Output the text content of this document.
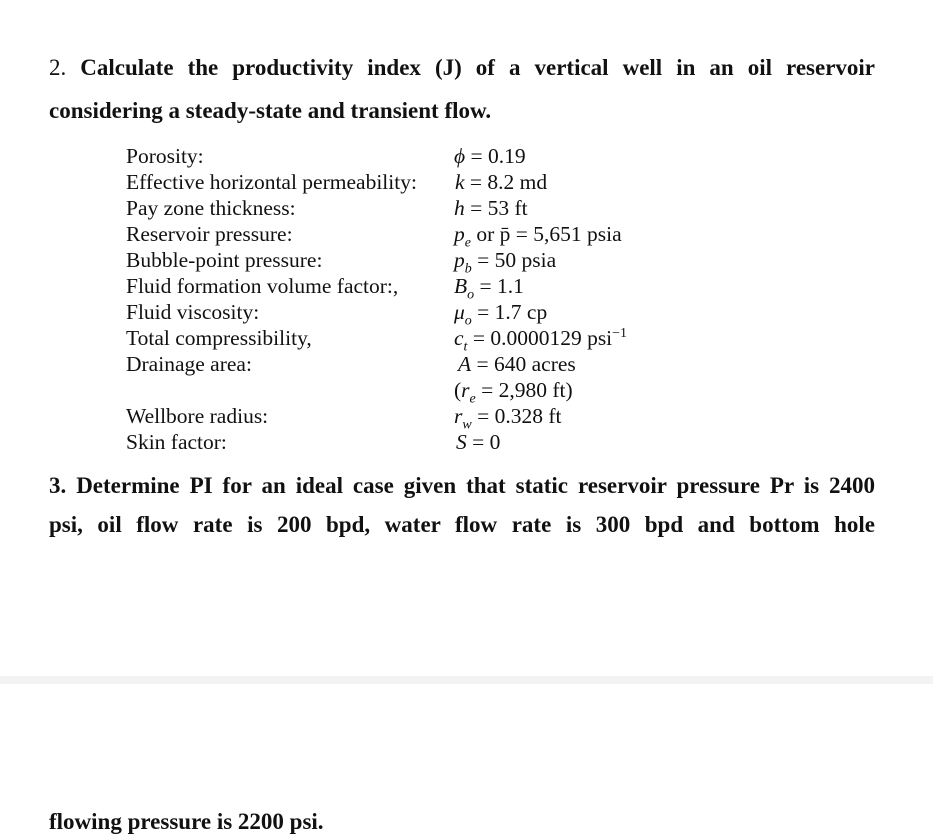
2. Calculate the productivity index (J) of a vertical well in an oil reservoir
considering a steady-state and transient flow.
Porosity:	ϕ = 0.19
Effective horizontal permeability: k = 8.2 md
Pay zone thickness:	h = 53 ft
Reservoir pressure:	$p_e$ or p̄ = 5,651 psia
Bubble-point pressure:	$p_b = 50$ psia
Fluid formation volume factor:,	$B_o = 1.1$
Fluid viscosity:	$\mu_o = 1.7$ cp
Total compressibility,	$c_t = 0.0000129$ psi$^{-1}$
Drainage area:	A = 640 acres
($r_e = 2,980$ ft)
Wellbore radius:	$r_w = 0.328$ ft
Skin factor:	S = 0
3. Determine PI for an ideal case given that static reservoir pressure Pr is 2400
psi, oil flow rate is 200 bpd, water flow rate is 300 bpd and bottom hole
flowing pressure is 2200 psi.
